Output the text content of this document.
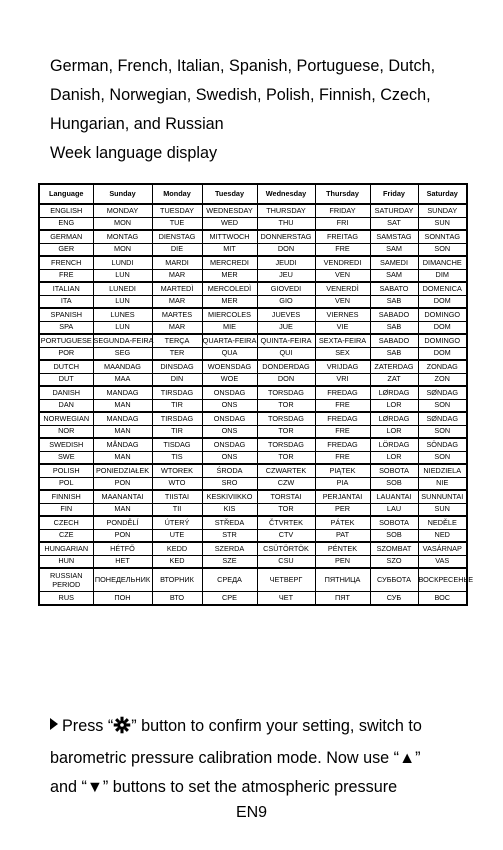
German, French, Italian, Spanish, Portuguese, Dutch,
Danish, Norwegian, Swedish, Polish, Finnish, Czech,
Hungarian, and Russian
Week language display
Language	Sunday	Monday	Tuesday	Wednesday	Thursday	Friday	Saturday
ENGLISH	MONDAY	TUESDAY	WEDNESDAY	THURSDAY	FRIDAY	SATURDAY	SUNDAY
ENG	MON	TUE	WED	THU	FRI	SAT	SUN
GERMAN	MONTAG	DIENSTAG	MITTWOCH	DONNERSTAG	FREITAG	SAMSTAG	SONNTAG
GER	MON	DIE	MIT	DON	FRE	SAM	SON
FRENCH	LUNDI	MARDI	MERCREDI	JEUDI	VENDREDI	SAMEDI	DIMANCHE
FRE	LUN	MAR	MER	JEU	VEN	SAM	DIM
ITALIAN	LUNEDI	MARTEDÌ	MERCOLEDÌ	GIOVEDI	VENERDÌ	SABATO	DOMENICA
ITA	LUN	MAR	MER	GIO	VEN	SAB	DOM
SPANISH	LUNES	MARTES	MIERCOLES	JUEVES	VIERNES	SABADO	DOMINGO
SPA	LUN	MAR	MIE	JUE	VIE	SAB	DOM
PORTUGUESE	SEGUNDA-FEIRA	TERÇA	QUARTA-FEIRA	QUINTA-FEIRA	SEXTA-FEIRA	SABADO	DOMINGO
POR	SEG	TER	QUA	QUI	SEX	SAB	DOM
DUTCH	MAANDAG	DINSDAG	WOENSDAG	DONDERDAG	VRIJDAG	ZATERDAG	ZONDAG
DUT	MAA	DIN	WOE	DON	VRI	ZAT	ZON
DANISH	MANDAG	TIRSDAG	ONSDAG	TORSDAG	FREDAG	LØRDAG	SØNDAG
DAN	MAN	TIR	ONS	TOR	FRE	LOR	SON
NORWEGIAN	MANDAG	TIRSDAG	ONSDAG	TORSDAG	FREDAG	LØRDAG	SØNDAG
NOR	MAN	TIR	ONS	TOR	FRE	LOR	SON
SWEDISH	MÅNDAG	TISDAG	ONSDAG	TORSDAG	FREDAG	LÖRDAG	SÖNDAG
SWE	MAN	TIS	ONS	TOR	FRE	LOR	SON
POLISH	PONIEDZIAŁEK	WTOREK	ŚRODA	CZWARTEK	PIĄTEK	SOBOTA	NIEDZIELA
POL	PON	WTO	SRO	CZW	PIA	SOB	NIE
FINNISH	MAANANTAI	TIISTAI	KESKIVIIKKO	TORSTAI	PERJANTAI	LAUANTAI	SUNNUNTAI
FIN	MAN	TII	KIS	TOR	PER	LAU	SUN
CZECH	PONDĚLÍ	ÚTERÝ	STŘEDA	ČTVRTEK	PÁTEK	SOBOTA	NEDĚLE
CZE	PON	UTE	STR	CTV	PAT	SOB	NED
HUNGARIAN	HÉTFŐ	KEDD	SZERDA	CSÜTÖRTÖK	PÉNTEK	SZOMBAT	VASÁRNAP
HUN	HET	KED	SZE	CSU	PEN	SZO	VAS
RUSSIAN PERIOD	ПОНЕДЕЛЬНИК	ВТОРНИК	СРЕДА	ЧЕТВЕРГ	ПЯТНИЦА	СУББОТА	ВОСКРЕСЕНЬЕ
RUS	ПОН	ВТО	СРЕ	ЧЕТ	ПЯТ	СУБ	ВОС
Press “ ” button to confirm your setting, switch to
barometric pressure calibration mode. Now use “▲”
and “▼” buttons to set the atmospheric pressure
EN9
